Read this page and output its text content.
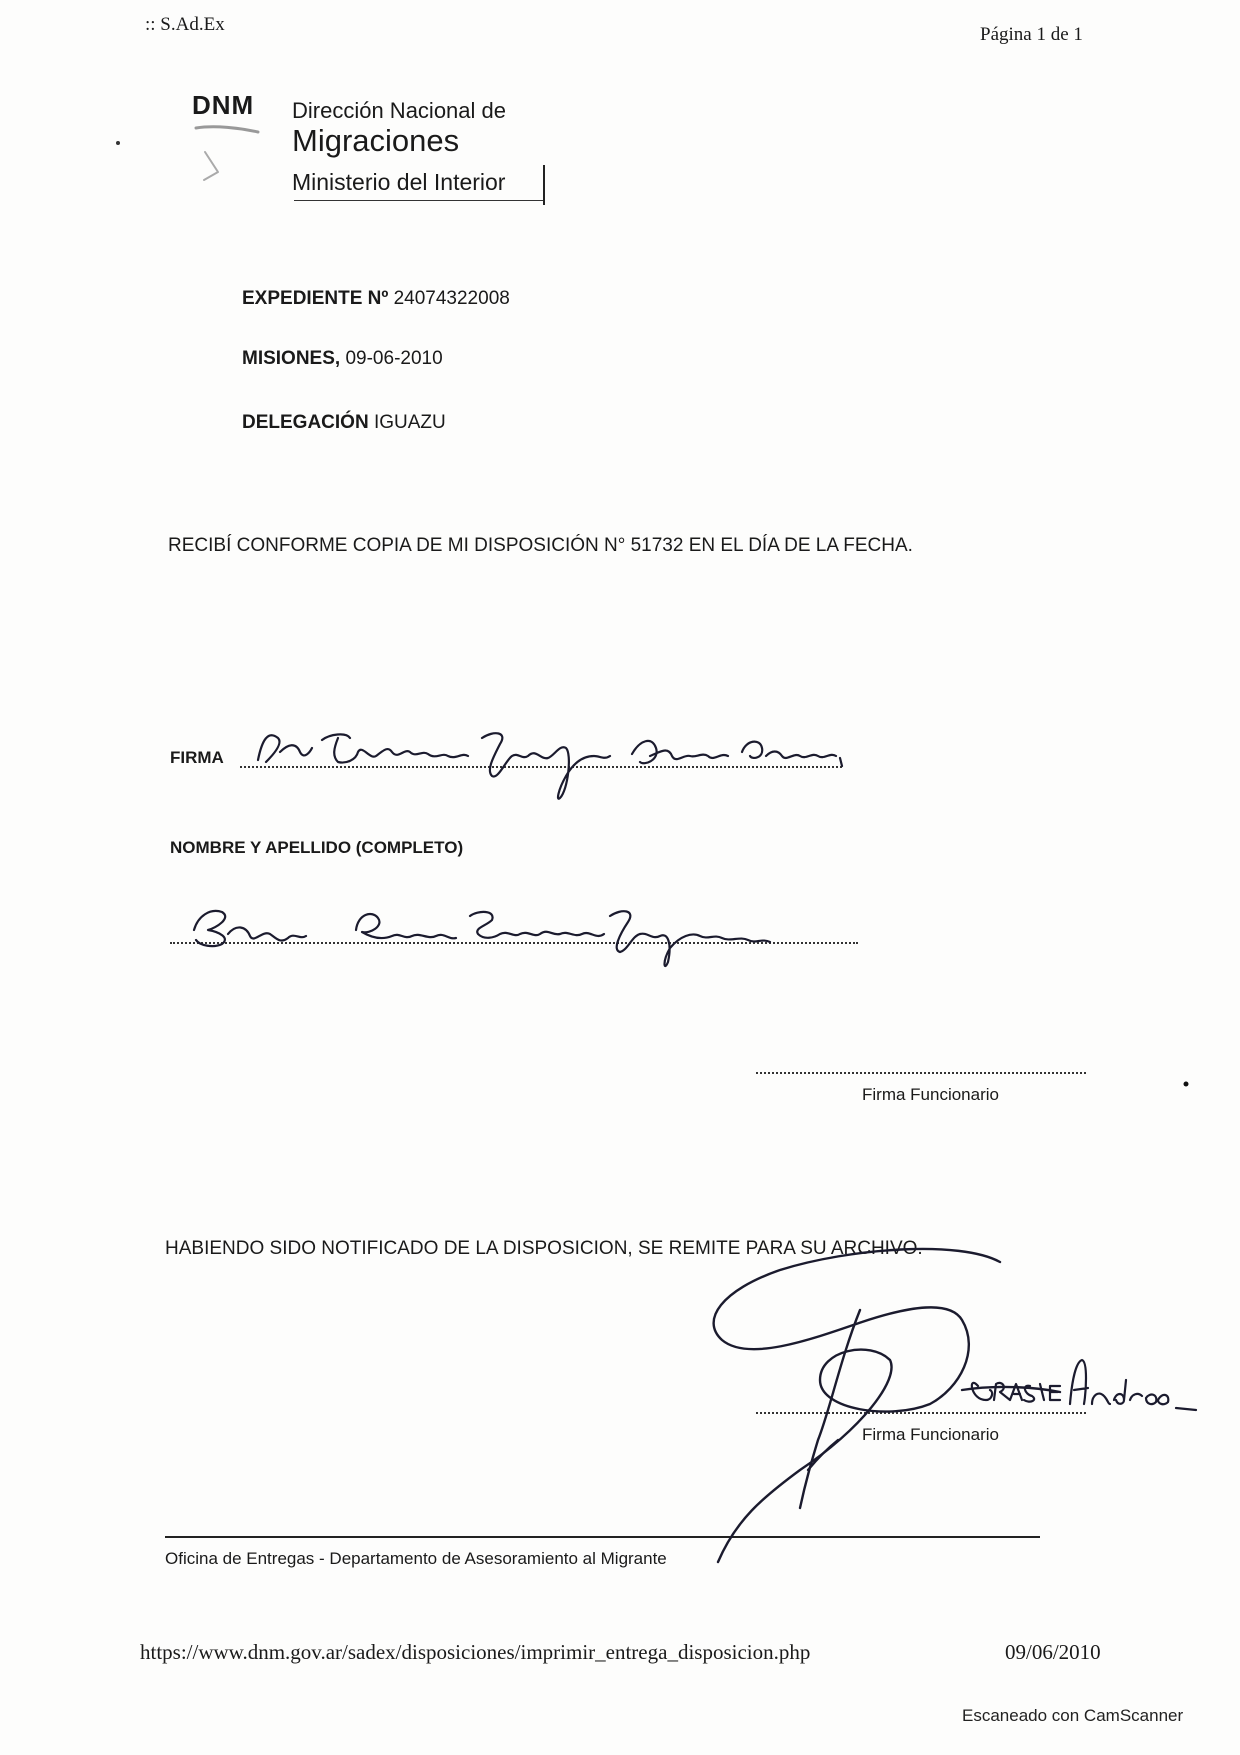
:: S.Ad.Ex	Página 1 de 1
DNM Dirección Nacional de
Migraciones
Ministerio del Interior
EXPEDIENTE Nº 24074322008
MISIONES, 09-06-2010
DELEGACIÓN IGUAZU
RECIBÍ CONFORME COPIA DE MI DISPOSICIÓN N° 51732 EN EL DÍA DE LA FECHA.
FIRMA
NOMBRE Y APELLIDO (COMPLETO)
Firma Funcionario
HABIENDO SIDO NOTIFICADO DE LA DISPOSICION, SE REMITE PARA SU ARCHIVO.
Firma Funcionario
Oficina de Entregas - Departamento de Asesoramiento al Migrante
https://www.dnm.gov.ar/sadex/disposiciones/imprimir_entrega_disposicion.php	09/06/2010
Escaneado con CamScanner
